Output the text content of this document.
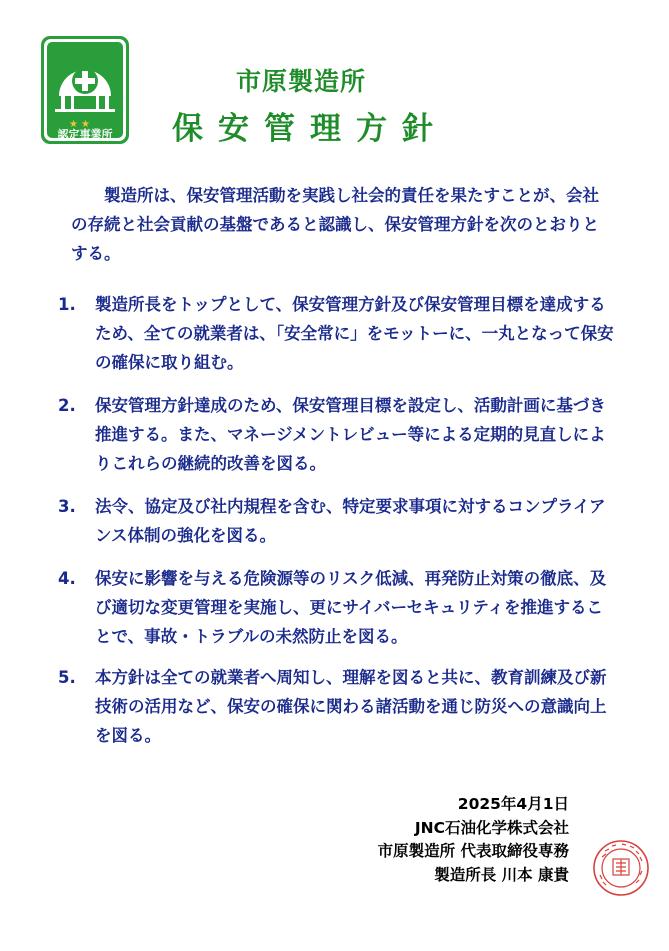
★ ★
認定事業所
市原製造所
保安管理方針

製造所は、保安管理活動を実践し社会的責任を果たすことが、会社の存続と社会貢献の基盤であると認識し、保安管理方針を次のとおりとする。

1.	製造所長をトップとして、保安管理方針及び保安管理目標を達成するため、全ての就業者は、「安全常に」をモットーに、一丸となって保安の確保に取り組む。
2.	保安管理方針達成のため、保安管理目標を設定し、活動計画に基づき推進する。また、マネージメントレビュー等による定期的見直しによりこれらの継続的改善を図る。
3.	法令、協定及び社内規程を含む、特定要求事項に対するコンプライアンス体制の強化を図る。
4.	保安に影響を与える危険源等のリスク低減、再発防止対策の徹底、及び適切な変更管理を実施し、更にサイバーセキュリティを推進することで、事故・トラブルの未然防止を図る。
5.	本方針は全ての就業者へ周知し、理解を図ると共に、教育訓練及び新技術の活用など、保安の確保に関わる諸活動を通じ防災への意識向上を図る。
2025年4月1日
JNC石油化学株式会社
市原製造所 代表取締役専務
製造所長 川本 康貴
